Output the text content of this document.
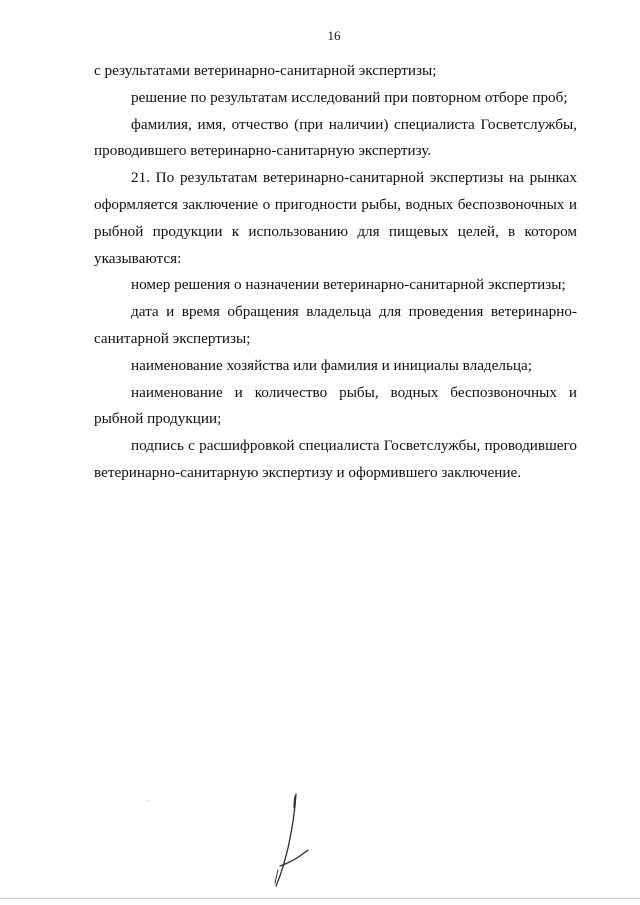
16

с результатами ветеринарно-санитарной экспертизы;

решение по результатам исследований при повторном отборе проб;

фамилия, имя, отчество (при наличии) специалиста Госветслужбы, проводившего ветеринарно-санитарную экспертизу.

21. По результатам ветеринарно-санитарной экспертизы на рынках оформляется заключение о пригодности рыбы, водных беспозвоночных и рыбной продукции к использованию для пищевых целей, в котором указываются:

номер решения о назначении ветеринарно-санитарной экспертизы;

дата и время обращения владельца для проведения ветеринарно-санитарной экспертизы;

наименование хозяйства или фамилия и инициалы владельца;

наименование и количество рыбы, водных беспозвоночных и рыбной продукции;

подпись с расшифровкой специалиста Госветслужбы, проводившего ветеринарно-санитарную экспертизу и оформившего заключение.
